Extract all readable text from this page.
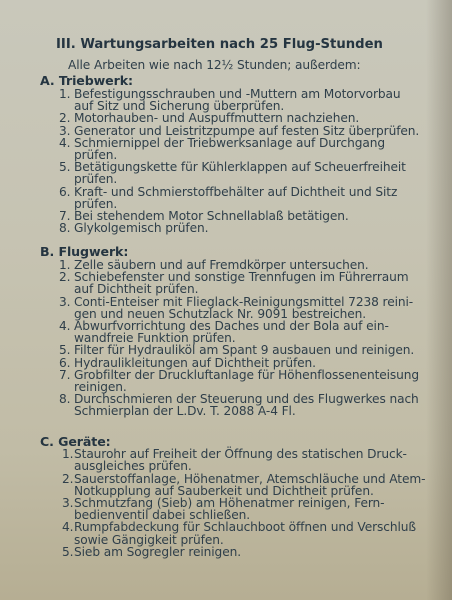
III. Wartungsarbeiten nach 25 Flug-Stunden
Alle Arbeiten wie nach 12½ Stunden; außerdem:
A. Triebwerk:
1. Befestigungsschrauben und -Muttern am Motorvorbau
auf Sitz und Sicherung überprüfen.
2. Motorhauben- und Auspuffmuttern nachziehen.
3. Generator und Leistritzpumpe auf festen Sitz überprüfen.
4. Schmiernippel der Triebwerksanlage auf Durchgang
prüfen.
5. Betätigungskette für Kühlerklappen auf Scheuerfreiheit
prüfen.
6. Kraft- und Schmierstoffbehälter auf Dichtheit und Sitz
prüfen.
7. Bei stehendem Motor Schnellablaß betätigen.
8. Glykolgemisch prüfen.
B. Flugwerk:
1. Zelle säubern und auf Fremdkörper untersuchen.
2. Schiebefenster und sonstige Trennfugen im Führerraum
auf Dichtheit prüfen.
3. Conti-Enteiser mit Flieglack-Reinigungsmittel 7238 reini-
gen und neuen Schutzlack Nr. 9091 bestreichen.
4. Abwurfvorrichtung des Daches und der Bola auf ein-
wandfreie Funktion prüfen.
5. Filter für Hydrauliköl am Spant 9 ausbauen und reinigen.
6. Hydraulikleitungen auf Dichtheit prüfen.
7. Grobfilter der Druckluftanlage für Höhenflossenenteisung
reinigen.
8. Durchschmieren der Steuerung und des Flugwerkes nach
Schmierplan der L.Dv. T. 2088 A-4 Fl.
C. Geräte:
1. Staurohr auf Freiheit der Öffnung des statischen Druck-
ausgleiches prüfen.
2. Sauerstoffanlage, Höhenatmer, Atemschläuche und Atem-
Notkupplung auf Sauberkeit und Dichtheit prüfen.
3. Schmutzfang (Sieb) am Höhenatmer reinigen, Fern-
bedienventil dabei schließen.
4. Rumpfabdeckung für Schlauchboot öffnen und Verschluß
sowie Gängigkeit prüfen.
5. Sieb am Sogregler reinigen.
